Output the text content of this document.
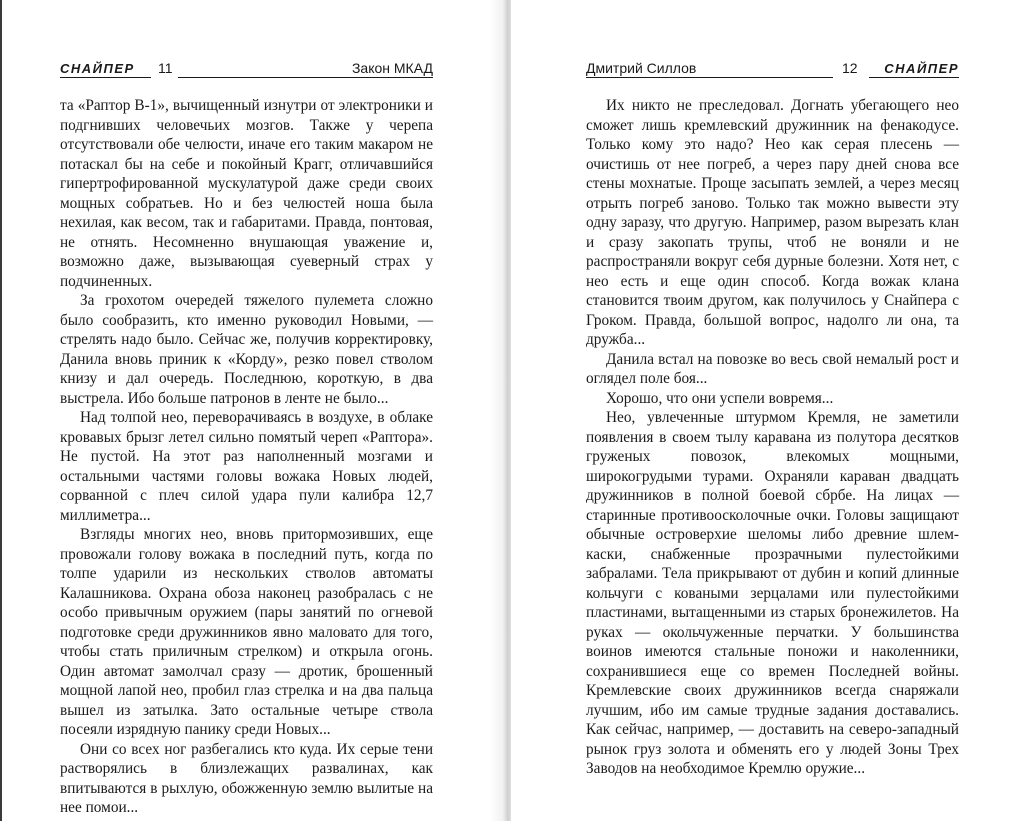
СНАЙПЕР 11	Закон МКАД

та «Раптор В-1», вычищенный изнутри от электроники и подгнивших человечьих мозгов. Также у черепа отсутствовали обе челюсти, иначе его таким макаром не потаскал бы на себе и покойный Крагг, отличавшийся гипертрофированной мускулатурой даже среди своих мощных собратьев. Но и без челюстей ноша была нехилая, как весом, так и габаритами. Правда, понтовая, не отнять. Несомненно внушающая уважение и, возможно даже, вызывающая суеверный страх у подчиненных.

За грохотом очередей тяжелого пулемета сложно было сообразить, кто именно руководил Новыми, — стрелять надо было. Сейчас же, получив корректировку, Данила вновь приник к «Корду», резко повел стволом книзу и дал очередь. Последнюю, короткую, в два выстрела. Ибо больше патронов в ленте не было...

Над толпой нео, переворачиваясь в воздухе, в облаке кровавых брызг летел сильно помятый череп «Раптора». Не пустой. На этот раз наполненный мозгами и остальными частями головы вожака Новых людей, сорванной с плеч силой удара пули калибра 12,7 миллиметра...

Взгляды многих нео, вновь притормозивших, еще провожали голову вожака в последний путь, когда по толпе ударили из нескольких стволов автоматы Калашникова. Охрана обоза наконец разобралась с не особо привычным оружием (пары занятий по огневой подготовке среди дружинников явно маловато для того, чтобы стать приличным стрелком) и открыла огонь. Один автомат замолчал сразу — дротик, брошенный мощной лапой нео, пробил глаз стрелка и на два пальца вышел из затылка. Зато остальные четыре ствола посеяли изрядную панику среди Новых...

Они со всех ног разбегались кто куда. Их серые тени растворялись в близлежащих развалинах, как впитываются в рыхлую, обожженную землю вылитые на нее помои...

Дмитрий Силлов	12 СНАЙПЕР

Их никто не преследовал. Догнать убегающего нео сможет лишь кремлевский дружинник на фенакодусе. Только кому это надо? Нео как серая плесень — очистишь от нее погреб, а через пару дней снова все стены мохнатые. Проще засыпать землей, а через месяц отрыть погреб заново. Только так можно вывести эту одну заразу, что другую. Например, разом вырезать клан и сразу закопать трупы, чтоб не воняли и не распространяли вокруг себя дурные болезни. Хотя нет, с нео есть и еще один способ. Когда вожак клана становится твоим другом, как получилось у Снайпера с Гроком. Правда, большой вопрос, надолго ли она, та дружба...

Данила встал на повозке во весь свой немалый рост и оглядел поле боя...

Хорошо, что они успели вовремя...

Нео, увлеченные штурмом Кремля, не заметили появления в своем тылу каравана из полутора десятков груженых повозок, влекомых мощными, широкогрудыми турами. Охраняли караван двадцать дружинников в полной боевой сбрбе. На лицах — старинные противоосколочные очки. Головы защищают обычные островерхие шеломы либо древние шлем-каски, снабженные прозрачными пулестойкими забралами. Тела прикрывают от дубин и копий длинные кольчуги с коваными зерцалами или пулестойкими пластинами, вытащенными из старых бронежилетов. На руках — окольчуженные перчатки. У большинства воинов имеются стальные поножи и наколенники, сохранившиеся еще со времен Последней войны. Кремлевские своих дружинников всегда снаряжали лучшим, ибо им самые трудные задания доставались. Как сейчас, например, — доставить на северо-западный рынок груз золота и обменять его у людей Зоны Трех Заводов на необходимое Кремлю оружие...
